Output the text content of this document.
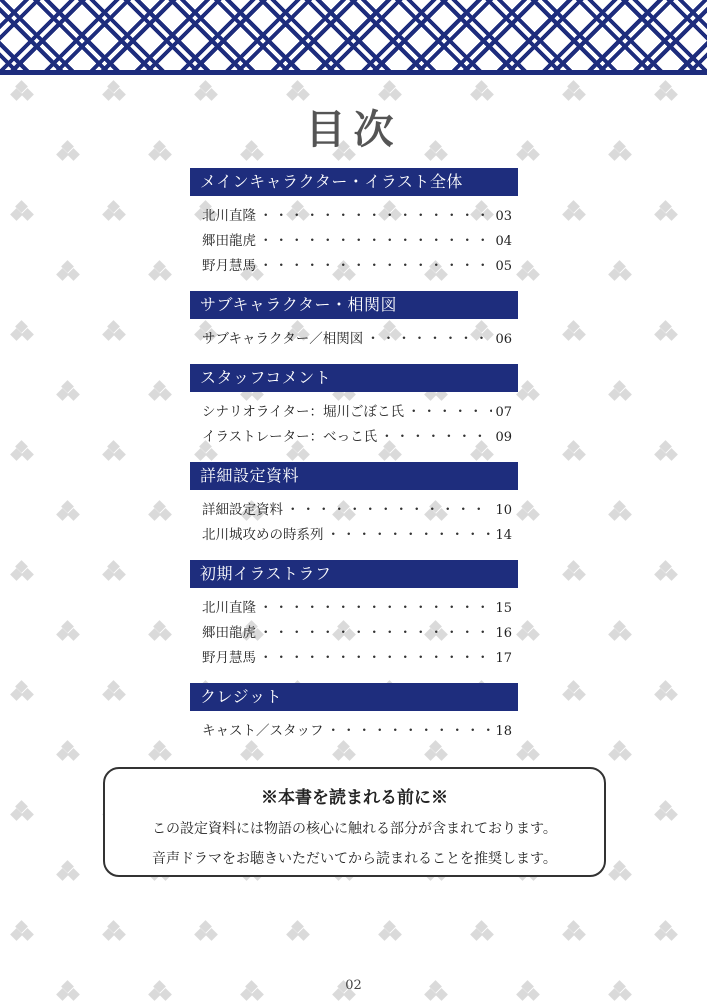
目次
メインキャラクター・イラスト全体
北川直隆 ・・・・・・・・・・・・・・・・・・・・・・・・・・・・・・・・・・	03
郷田龍虎 ・・・・・・・・・・・・・・・・・・・・・・・・・・・・・・・・・・	04
野月慧馬 ・・・・・・・・・・・・・・・・・・・・・・・・・・・・・・・・・・	05
サブキャラクター・相関図
サブキャラクター／相関図 ・・・・・・・・・・・・・・・・・・・・・・・・・・・・・・・・・・	06
スタッフコメント
シナリオライター：堀川ごぼこ氏 ・・・・・・・・・・・・・・・・・・・・・・・・・・・・・・・・・・	07
イラストレーター：べっこ氏 ・・・・・・・・・・・・・・・・・・・・・・・・・・・・・・・・・・	09
詳細設定資料
詳細設定資料 ・・・・・・・・・・・・・・・・・・・・・・・・・・・・・・・・・・	10
北川城攻めの時系列 ・・・・・・・・・・・・・・・・・・・・・・・・・・・・・・・・・・	14
初期イラストラフ
北川直隆 ・・・・・・・・・・・・・・・・・・・・・・・・・・・・・・・・・・	15
郷田龍虎 ・・・・・・・・・・・・・・・・・・・・・・・・・・・・・・・・・・	16
野月慧馬 ・・・・・・・・・・・・・・・・・・・・・・・・・・・・・・・・・・	17
クレジット
キャスト／スタッフ ・・・・・・・・・・・・・・・・・・・・・・・・・・・・・・・・・・	18
※本書を読まれる前に※
この設定資料には物語の核心に触れる部分が含まれております。
音声ドラマをお聴きいただいてから読まれることを推奨します。
02
